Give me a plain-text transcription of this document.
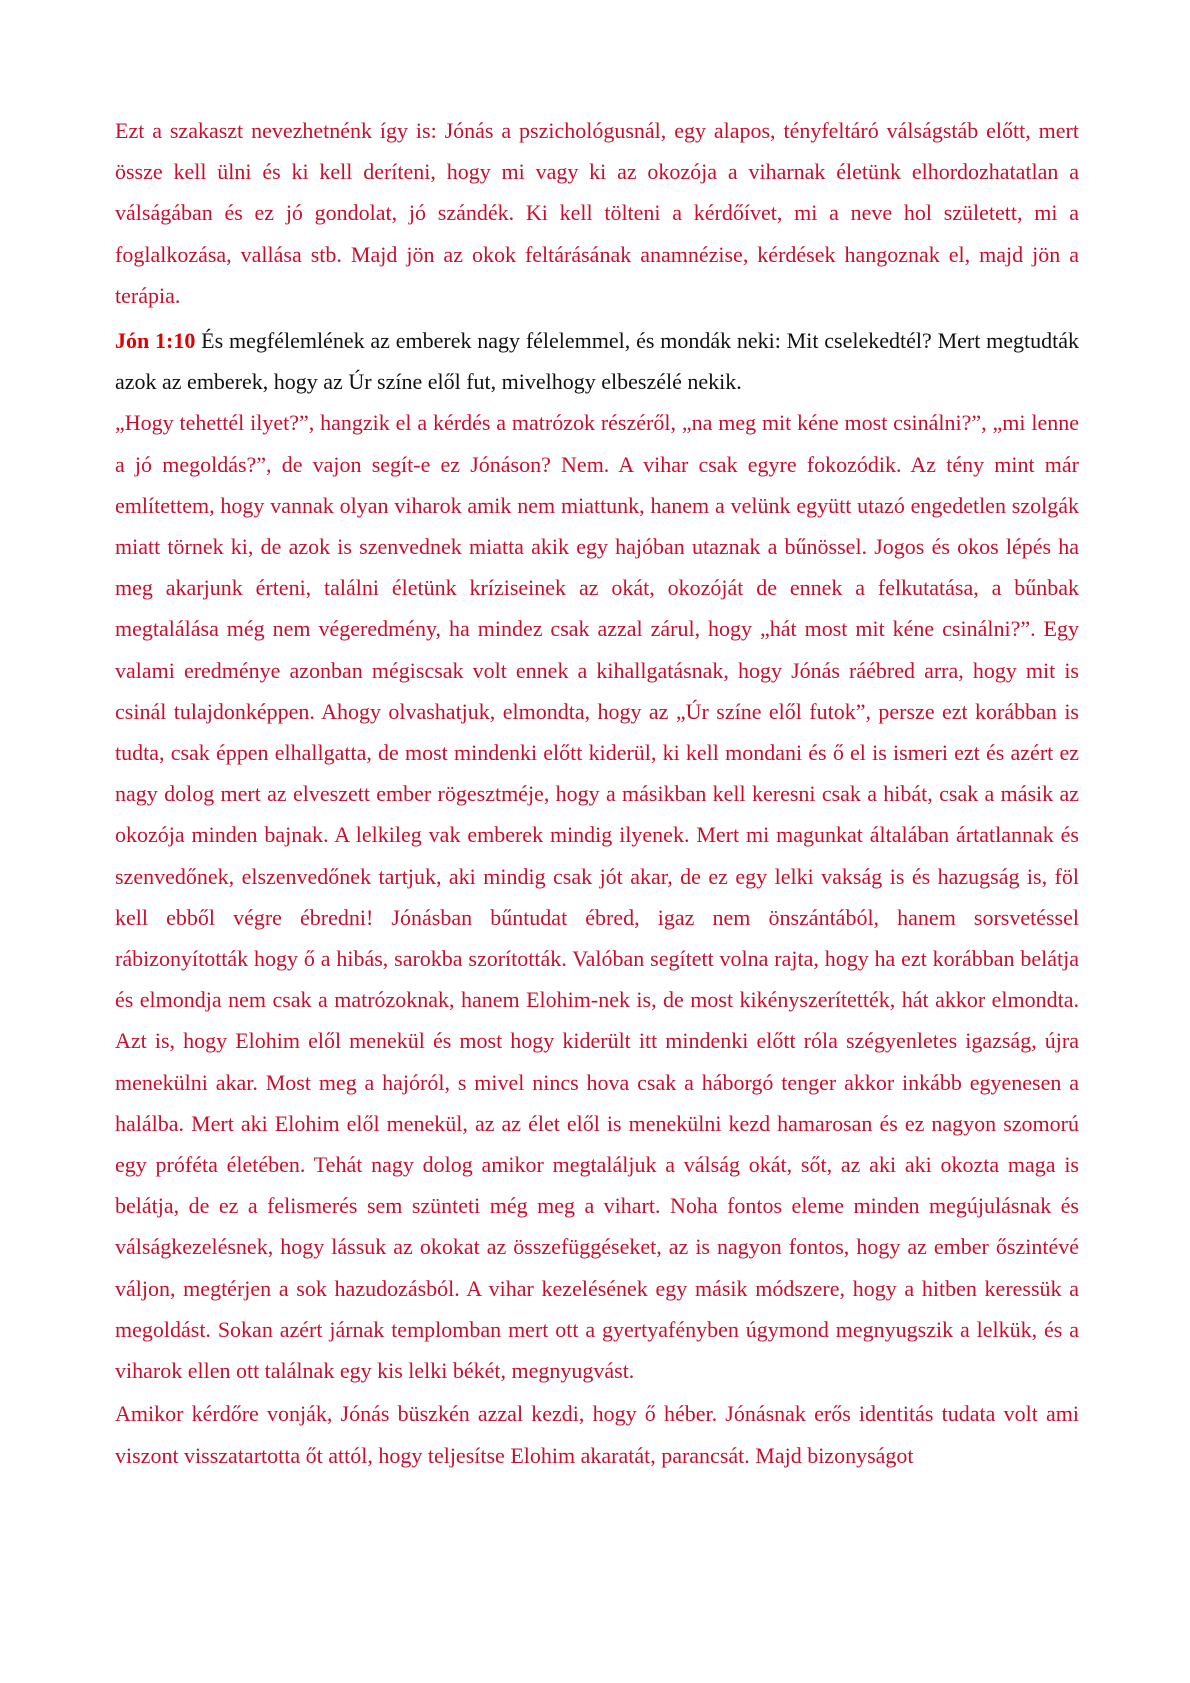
Ezt a szakaszt nevezhetnénk így is: Jónás a pszichológusnál, egy alapos, tényfeltáró válságstáb előtt, mert össze kell ülni és ki kell deríteni, hogy mi vagy ki az okozója a viharnak életünk elhordozhatatlan a válságában és ez jó gondolat, jó szándék. Ki kell tölteni a kérdőívet, mi a neve hol született, mi a foglalkozása, vallása stb. Majd jön az okok feltárásának anamnézise, kérdések hangoznak el, majd jön a terápia.

Jón 1:10 És megfélemlének az emberek nagy félelemmel, és mondák neki: Mit cselekedtél? Mert megtudták azok az emberek, hogy az Úr színe elől fut, mivelhogy elbeszélé nekik.

„Hogy tehettél ilyet?”, hangzik el a kérdés a matrózok részéről, „na meg mit kéne most csinálni?”, „mi lenne a jó megoldás?”, de vajon segít-e ez Jónáson? Nem. A vihar csak egyre fokozódik. Az tény mint már említettem, hogy vannak olyan viharok amik nem miattunk, hanem a velünk együtt utazó engedetlen szolgák miatt törnek ki, de azok is szenvednek miatta akik egy hajóban utaznak a bűnössel. Jogos és okos lépés ha meg akarjunk érteni, találni életünk kríziseinek az okát, okozóját de ennek a felkutatása, a bűnbak megtalálása még nem végeredmény, ha mindez csak azzal zárul, hogy „hát most mit kéne csinálni?”. Egy valami eredménye azonban mégiscsak volt ennek a kihallgatásnak, hogy Jónás ráébred arra, hogy mit is csinál tulajdonképpen. Ahogy olvashatjuk, elmondta, hogy az „Úr színe elől futok”, persze ezt korábban is tudta, csak éppen elhallgatta, de most mindenki előtt kiderül, ki kell mondani és ő el is ismeri ezt és azért ez nagy dolog mert az elveszett ember rögesztméje, hogy a másikban kell keresni csak a hibát, csak a másik az okozója minden bajnak. A lelkileg vak emberek mindig ilyenek. Mert mi magunkat általában ártatlannak és szenvedőnek, elszenvedőnek tartjuk, aki mindig csak jót akar, de ez egy lelki vakság is és hazugság is, föl kell ebből végre ébredni! Jónásban bűntudat ébred, igaz nem önszántából, hanem sorsvetéssel rábizonyították hogy ő a hibás, sarokba szorították. Valóban segített volna rajta, hogy ha ezt korábban belátja és elmondja nem csak a matrózoknak, hanem Elohim-nek is, de most kikényszerítették, hát akkor elmondta. Azt is, hogy Elohim elől menekül és most hogy kiderült itt mindenki előtt róla szégyenletes igazság, újra menekülni akar. Most meg a hajóról, s mivel nincs hova csak a háborgó tenger akkor inkább egyenesen a halálba. Mert aki Elohim elől menekül, az az élet elől is menekülni kezd hamarosan és ez nagyon szomorú egy próféta életében. Tehát nagy dolog amikor megtaláljuk a válság okát, sőt, az aki aki okozta maga is belátja, de ez a felismerés sem szünteti még meg a vihart. Noha fontos eleme minden megújulásnak és válságkezelésnek, hogy lássuk az okokat az összefüggéseket, az is nagyon fontos, hogy az ember őszintévé váljon, megtérjen a sok hazudozásból. A vihar kezelésének egy másik módszere, hogy a hitben keressük a megoldást. Sokan azért járnak templomban mert ott a gyertyafényben úgymond megnyugszik a lelkük, és a viharok ellen ott találnak egy kis lelki békét, megnyugvást.

Amikor kérdőre vonják, Jónás büszkén azzal kezdi, hogy ő héber. Jónásnak erős identitás tudata volt ami viszont visszatartotta őt attól, hogy teljesítse Elohim akaratát, parancsát. Majd bizonyságot
